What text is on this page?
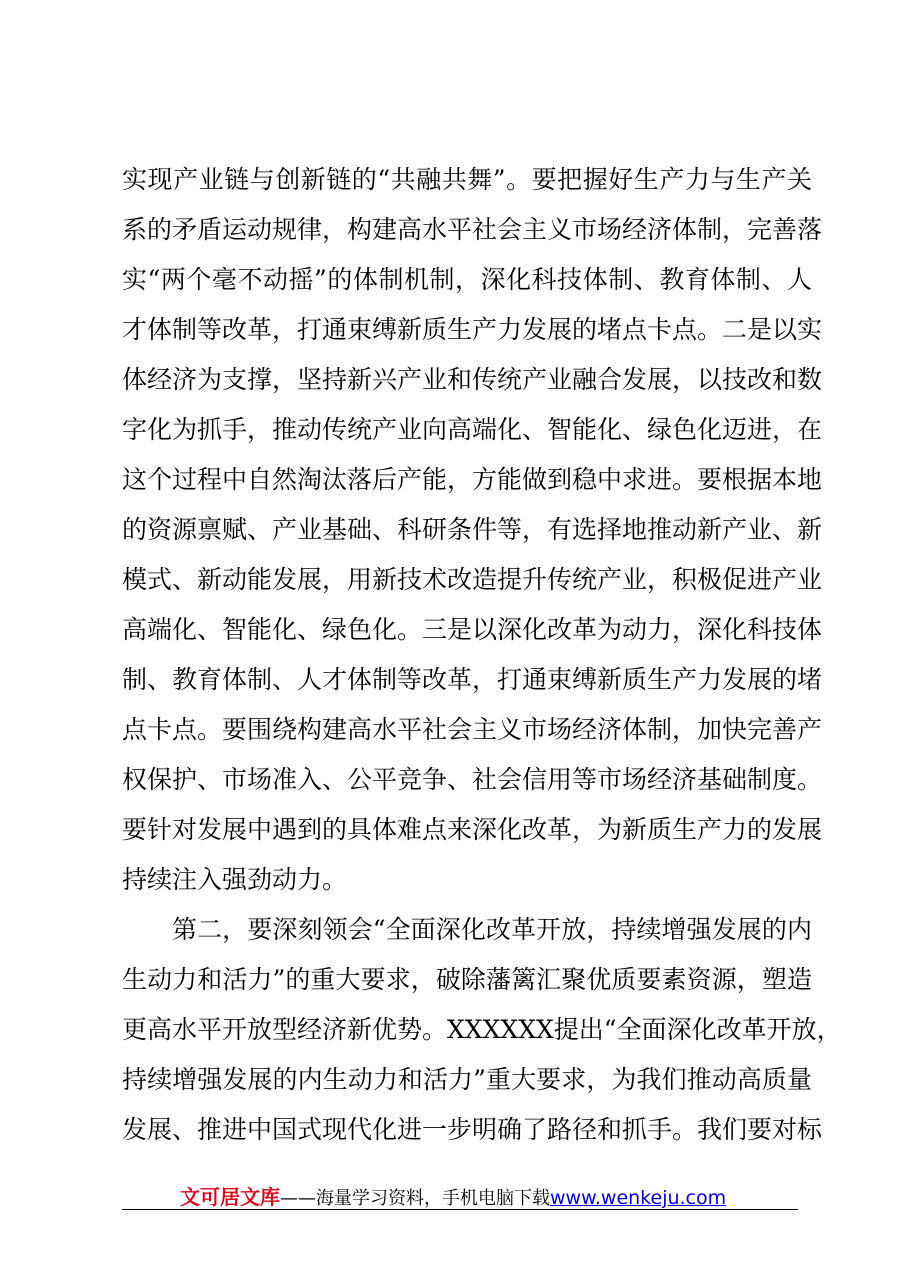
实现产业链与创新链的“共融共舞”。要把握好生产力与生产关
系的矛盾运动规律，构建高水平社会主义市场经济体制，完善落
实“两个毫不动摇”的体制机制，深化科技体制、教育体制、人
才体制等改革，打通束缚新质生产力发展的堵点卡点。二是以实
体经济为支撑，坚持新兴产业和传统产业融合发展，以技改和数
字化为抓手，推动传统产业向高端化、智能化、绿色化迈进，在
这个过程中自然淘汰落后产能，方能做到稳中求进。要根据本地
的资源禀赋、产业基础、科研条件等，有选择地推动新产业、新
模式、新动能发展，用新技术改造提升传统产业，积极促进产业
高端化、智能化、绿色化。三是以深化改革为动力，深化科技体
制、教育体制、人才体制等改革，打通束缚新质生产力发展的堵
点卡点。要围绕构建高水平社会主义市场经济体制，加快完善产
权保护、市场准入、公平竞争、社会信用等市场经济基础制度。
要针对发展中遇到的具体难点来深化改革，为新质生产力的发展
持续注入强劲动力。
第二，要深刻领会“全面深化改革开放，持续增强发展的内
生动力和活力”的重大要求，破除藩篱汇聚优质要素资源，塑造
更高水平开放型经济新优势。XXXXXX提出“全面深化改革开放，
持续增强发展的内生动力和活力”重大要求，为我们推动高质量
发展、推进中国式现代化进一步明确了路径和抓手。我们要对标
文可居文库——海量学习资料，手机电脑下载www.wenkeju.com
